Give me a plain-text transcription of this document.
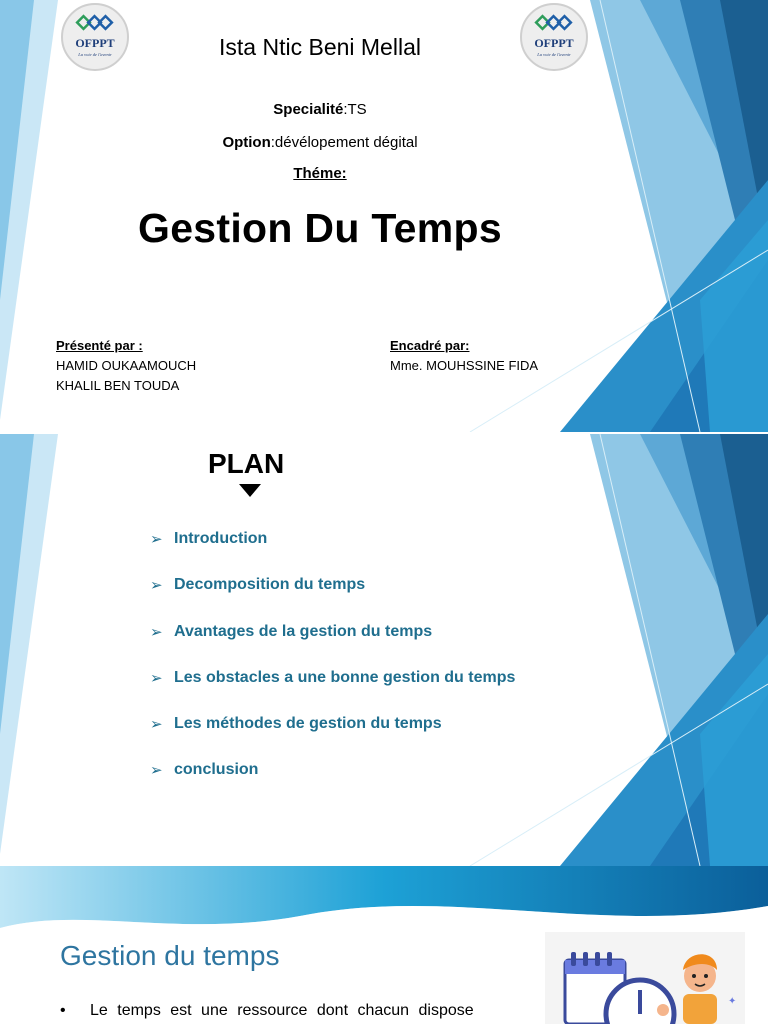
OFPPT
La voie de l'avenir
OFPPT
La voie de l'avenir
Ista Ntic Beni Mellal
Specialité:TS
Option:dévélopement dégital
Théme:
Gestion Du Temps
Présenté par :
HAMID OUKAAMOUCH
KHALIL BEN TOUDA
Encadré par:
Mme. MOUHSSINE FIDA
PLAN
➢ Introduction
➢ Decomposition du temps
➢ Avantages de la gestion du temps
➢ Les obstacles a une bonne gestion du temps
➢ Les méthodes de gestion du temps
➢ conclusion
Gestion du temps
•	Le temps est une ressource dont chacun dispose
✦
